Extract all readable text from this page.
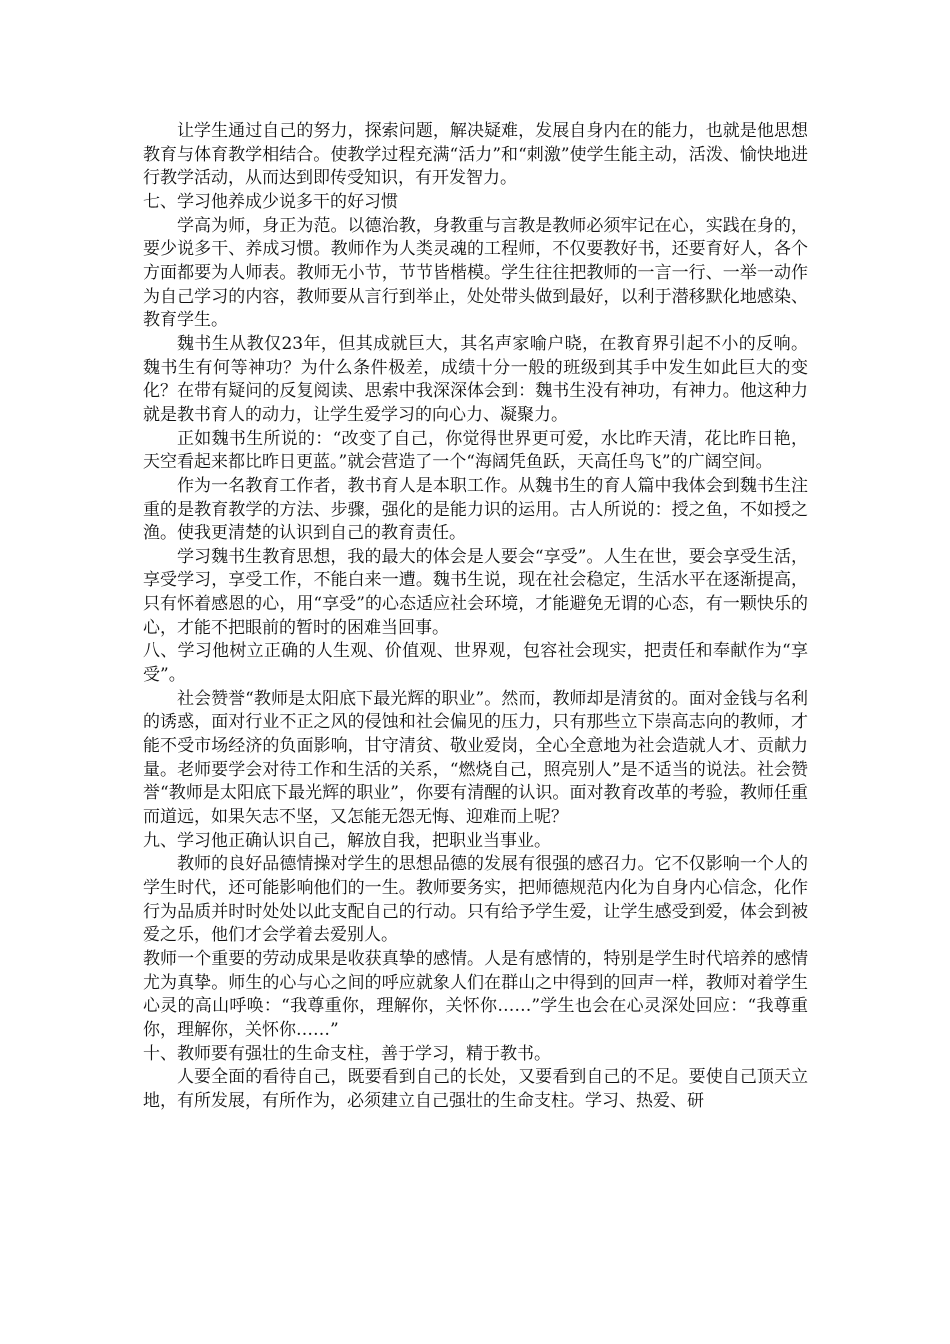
让学生通过自己的努力，探索问题，解决疑难，发展自身内在的能力，也就是他思想教育与体育教学相结合。使教学过程充满“活力”和“刺激”使学生能主动，活泼、愉快地进行教学活动，从而达到即传受知识，有开发智力。

七、学习他养成少说多干的好习惯

学高为师，身正为范。以德治教，身教重与言教是教师必须牢记在心，实践在身的，要少说多干、养成习惯。教师作为人类灵魂的工程师，不仅要教好书，还要育好人，各个方面都要为人师表。教师无小节，节节皆楷模。学生往往把教师的一言一行、一举一动作为自己学习的内容，教师要从言行到举止，处处带头做到最好，以利于潜移默化地感染、教育学生。

魏书生从教仅23年，但其成就巨大，其名声家喻户晓，在教育界引起不小的反响。魏书生有何等神功？为什么条件极差，成绩十分一般的班级到其手中发生如此巨大的变化？在带有疑问的反复阅读、思索中我深深体会到：魏书生没有神功，有神力。他这种力就是教书育人的动力，让学生爱学习的向心力、凝聚力。

正如魏书生所说的：“改变了自己，你觉得世界更可爱，水比昨天清，花比昨日艳，天空看起来都比昨日更蓝。”就会营造了一个“海阔凭鱼跃，天高任鸟飞”的广阔空间。

作为一名教育工作者，教书育人是本职工作。从魏书生的育人篇中我体会到魏书生注重的是教育教学的方法、步骤，强化的是能力识的运用。古人所说的：授之鱼，不如授之渔。使我更清楚的认识到自己的教育责任。

学习魏书生教育思想，我的最大的体会是人要会“享受”。人生在世，要会享受生活，享受学习，享受工作，不能白来一遭。魏书生说，现在社会稳定，生活水平在逐渐提高，只有怀着感恩的心，用“享受”的心态适应社会环境，才能避免无谓的心态，有一颗快乐的心，才能不把眼前的暂时的困难当回事。

八、学习他树立正确的人生观、价值观、世界观，包容社会现实，把责任和奉献作为“享受”。

社会赞誉“教师是太阳底下最光辉的职业”。然而，教师却是清贫的。面对金钱与名利的诱惑，面对行业不正之风的侵蚀和社会偏见的压力，只有那些立下崇高志向的教师，才能不受市场经济的负面影响，甘守清贫、敬业爱岗，全心全意地为社会造就人才、贡献力量。老师要学会对待工作和生活的关系，“燃烧自己，照亮别人”是不适当的说法。社会赞誉“教师是太阳底下最光辉的职业”，你要有清醒的认识。面对教育改革的考验，教师任重而道远，如果矢志不坚，又怎能无怨无悔、迎难而上呢？

九、学习他正确认识自己，解放自我，把职业当事业。

教师的良好品德情操对学生的思想品德的发展有很强的感召力。它不仅影响一个人的学生时代，还可能影响他们的一生。教师要务实，把师德规范内化为自身内心信念，化作行为品质并时时处处以此支配自己的行动。只有给予学生爱，让学生感受到爱，体会到被爱之乐，他们才会学着去爱别人。

教师一个重要的劳动成果是收获真挚的感情。人是有感情的，特别是学生时代培养的感情尤为真挚。师生的心与心之间的呼应就象人们在群山之中得到的回声一样，教师对着学生心灵的高山呼唤：“我尊重你，理解你，关怀你……”学生也会在心灵深处回应：“我尊重你，理解你，关怀你……”

十、教师要有强壮的生命支柱，善于学习，精于教书。

人要全面的看待自己，既要看到自己的长处，又要看到自己的不足。要使自己顶天立地，有所发展，有所作为，必须建立自己强壮的生命支柱。学习、热爱、研
